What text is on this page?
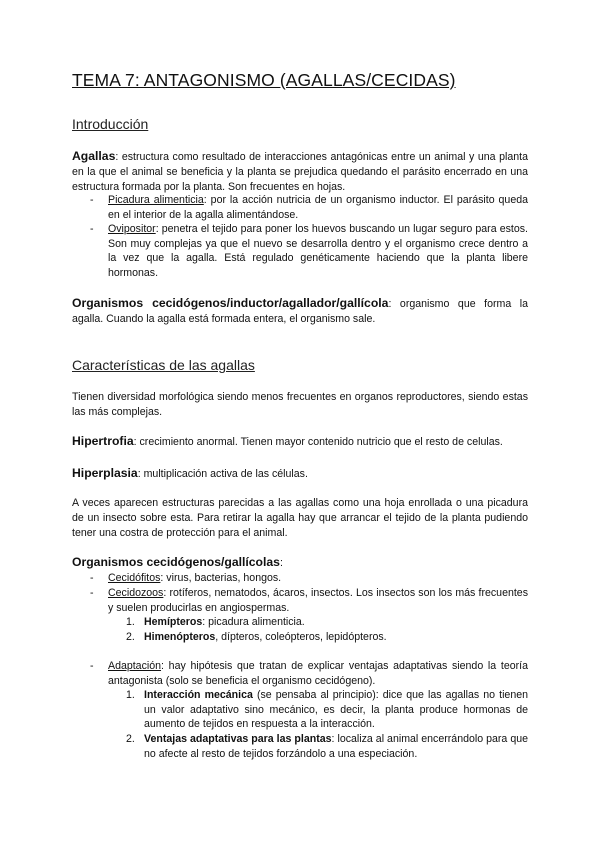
TEMA 7: ANTAGONISMO (AGALLAS/CECIDAS)
Introducción

Agallas: estructura como resultado de interacciones antagónicas entre un animal y una planta en la que el animal se beneficia y la planta se prejudica quedando el parásito encerrado en una estructura formada por la planta. Son frecuentes en hojas.

- Picadura alimenticia: por la acción nutricia de un organismo inductor. El parásito queda en el interior de la agalla alimentándose.

- Ovipositor: penetra el tejido para poner los huevos buscando un lugar seguro para estos. Son muy complejas ya que el nuevo se desarrolla dentro y el organismo crece dentro a la vez que la agalla. Está regulado genéticamente haciendo que la planta libere hormonas.

Organismos cecidógenos/inductor/agallador/gallícola: organismo que forma la agalla. Cuando la agalla está formada entera, el organismo sale.

Características de las agallas

Tienen diversidad morfológica siendo menos frecuentes en organos reproductores, siendo estas las más complejas.

Hipertrofia: crecimiento anormal. Tienen mayor contenido nutricio que el resto de celulas.

Hiperplasia: multiplicación activa de las células.

A veces aparecen estructuras parecidas a las agallas como una hoja enrollada o una picadura de un insecto sobre esta. Para retirar la agalla hay que arrancar el tejido de la planta pudiendo tener una costra de protección para el animal.

Organismos cecidógenos/gallícolas:

- Cecidófitos: virus, bacterias, hongos.

- Cecidozoos: rotíferos, nematodos, ácaros, insectos. Los insectos son los más frecuentes y suelen producirlas en angiospermas.

1. Hemípteros: picadura alimenticia.

2. Himenópteros, dípteros, coleópteros, lepidópteros.

- Adaptación: hay hipótesis que tratan de explicar ventajas adaptativas siendo la teoría antagonista (solo se beneficia el organismo cecidógeno).

1. Interacción mecánica (se pensaba al principio): dice que las agallas no tienen un valor adaptativo sino mecánico, es decir, la planta produce hormonas de aumento de tejidos en respuesta a la interacción.

2. Ventajas adaptativas para las plantas: localiza al animal encerrándolo para que no afecte al resto de tejidos forzándolo a una especiación.
